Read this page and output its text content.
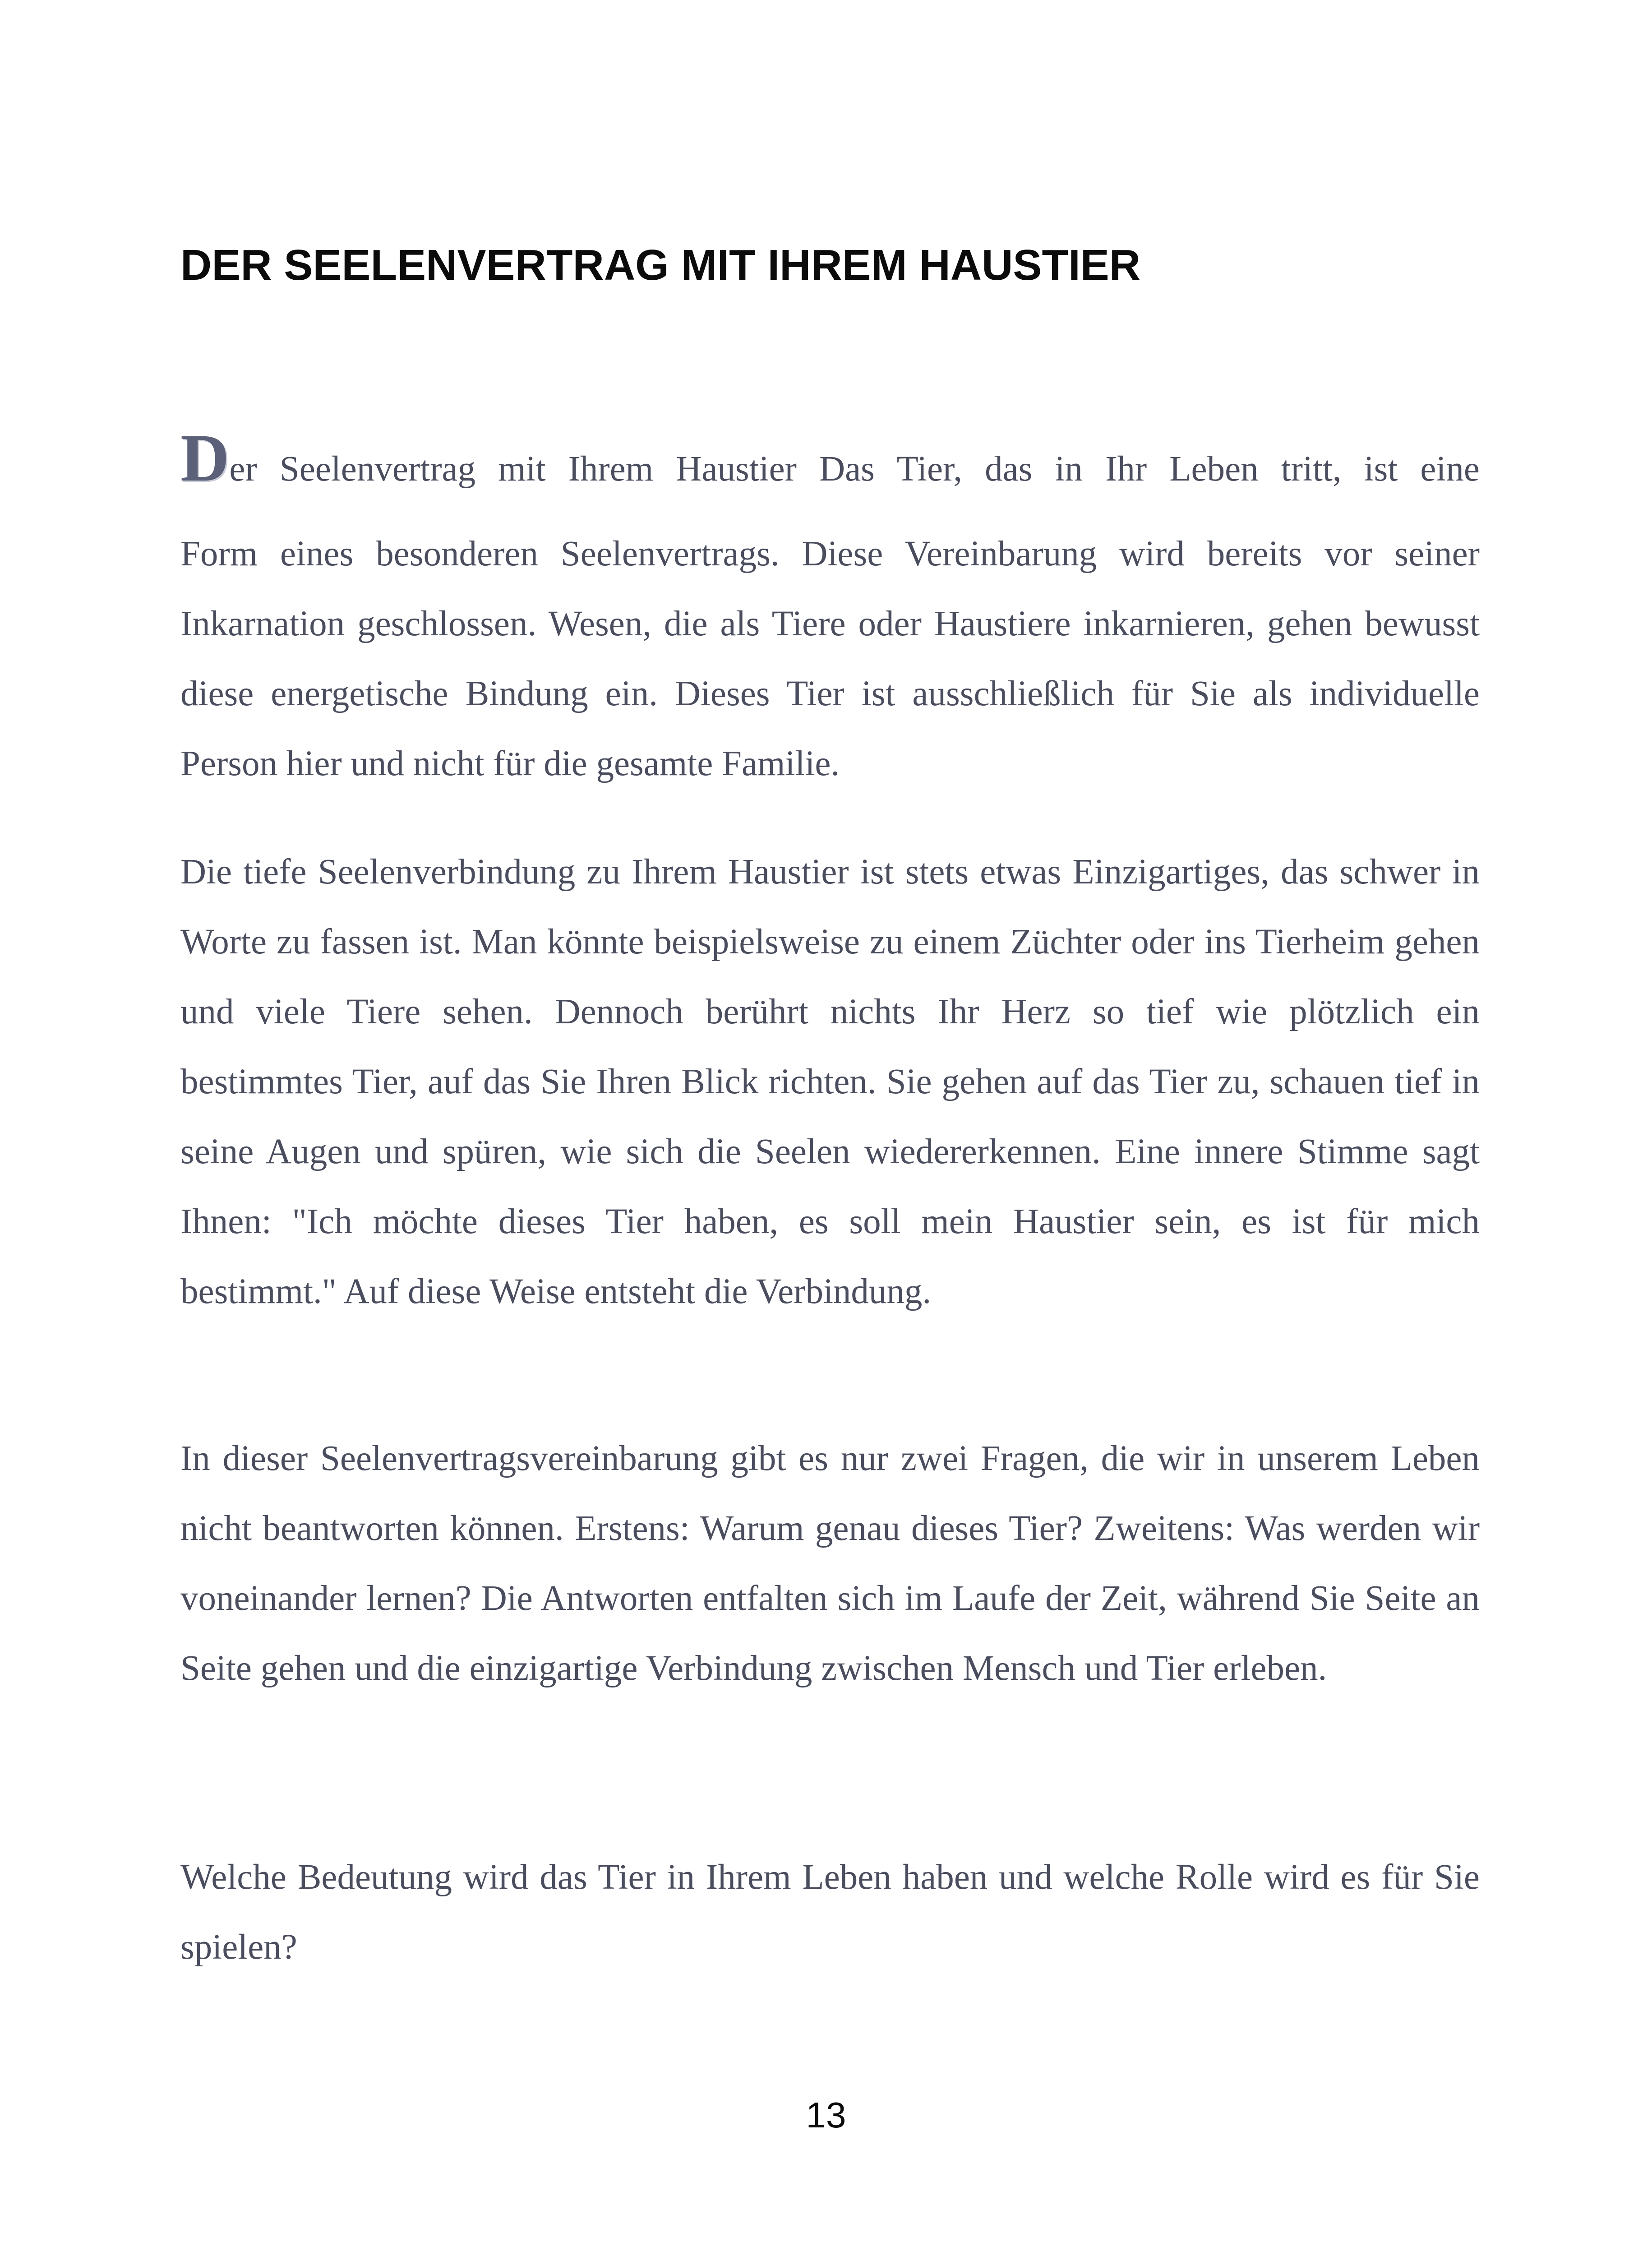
DER SEELENVERTRAG MIT IHREM HAUSTIER

Der Seelenvertrag mit Ihrem Haustier Das Tier, das in Ihr Leben tritt, ist eine
Form eines besonderen Seelenvertrags. Diese Vereinbarung wird bereits vor seiner Inkarnation geschlossen. Wesen, die als Tiere oder Haustiere inkarnieren, gehen bewusst diese energetische Bindung ein. Dieses Tier ist ausschließlich für Sie als individuelle Person hier und nicht für die gesamte Familie.

Die tiefe Seelenverbindung zu Ihrem Haustier ist stets etwas Einzigartiges, das schwer in Worte zu fassen ist. Man könnte beispielsweise zu einem Züchter oder ins Tierheim gehen und viele Tiere sehen. Dennoch berührt nichts Ihr Herz so tief wie plötzlich ein bestimmtes Tier, auf das Sie Ihren Blick richten. Sie gehen auf das Tier zu, schauen tief in seine Augen und spüren, wie sich die Seelen wiedererkennen. Eine innere Stimme sagt Ihnen: "Ich möchte dieses Tier haben, es soll mein Haustier sein, es ist für mich bestimmt." Auf diese Weise entsteht die Verbindung.

In dieser Seelenvertragsvereinbarung gibt es nur zwei Fragen, die wir in unserem Leben nicht beantworten können. Erstens: Warum genau dieses Tier? Zweitens: Was werden wir voneinander lernen? Die Antworten entfalten sich im Laufe der Zeit, während Sie Seite an Seite gehen und die einzigartige Verbindung zwischen Mensch und Tier erleben.

Welche Bedeutung wird das Tier in Ihrem Leben haben und welche Rolle wird es für Sie spielen?

13
